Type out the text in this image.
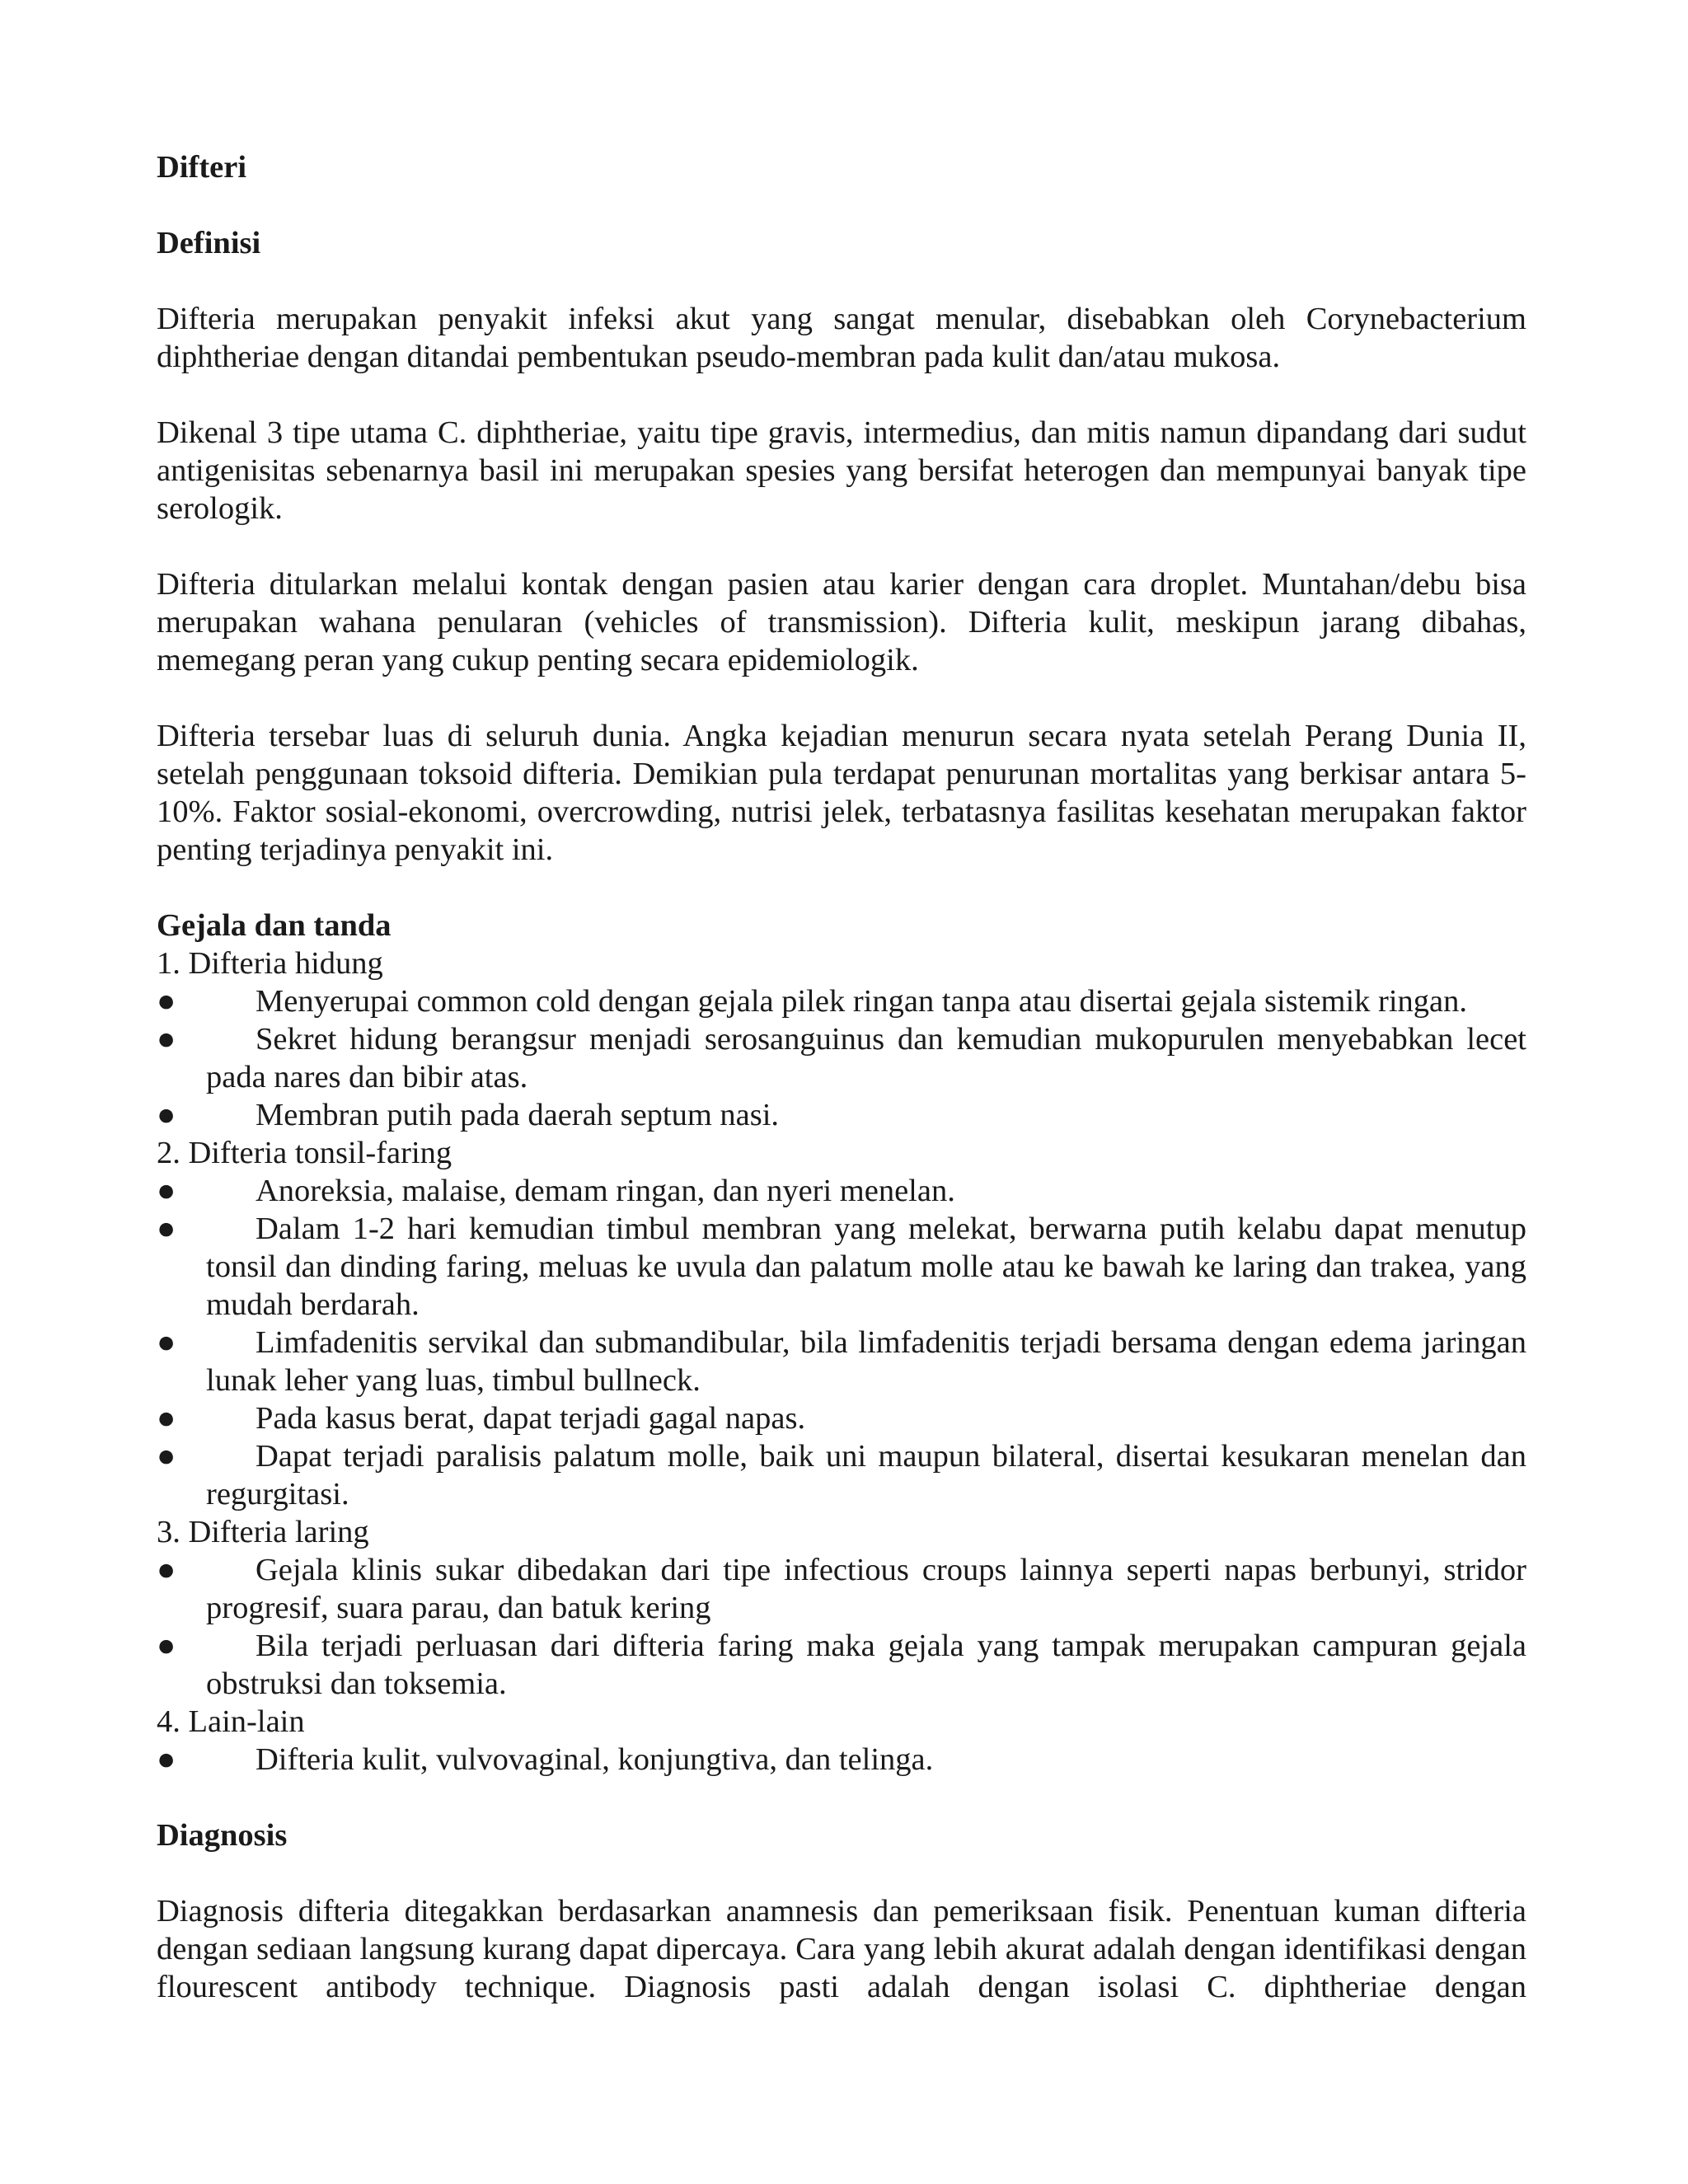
Difteri

Definisi

Difteria merupakan penyakit infeksi akut yang sangat menular, disebabkan oleh Corynebacterium diphtheriae dengan ditandai pembentukan pseudo-membran pada kulit dan/atau mukosa.

Dikenal 3 tipe utama C. diphtheriae, yaitu tipe gravis, intermedius, dan mitis namun dipandang dari sudut antigenisitas sebenarnya basil ini merupakan spesies yang bersifat heterogen dan mempunyai banyak tipe serologik.

Difteria ditularkan melalui kontak dengan pasien atau karier dengan cara droplet. Muntahan/debu bisa merupakan wahana penularan (vehicles of transmission). Difteria kulit, meskipun jarang dibahas, memegang peran yang cukup penting secara epidemiologik.

Difteria tersebar luas di seluruh dunia. Angka kejadian menurun secara nyata setelah Perang Dunia II, setelah penggunaan toksoid difteria. Demikian pula terdapat penurunan mortalitas yang berkisar antara 5-10%. Faktor sosial-ekonomi, overcrowding, nutrisi jelek, terbatasnya fasilitas kesehatan merupakan faktor penting terjadinya penyakit ini.

Gejala dan tanda

1. Difteria hidung

●	Menyerupai common cold dengan gejala pilek ringan tanpa atau disertai gejala sistemik ringan.
●	Sekret hidung berangsur menjadi serosanguinus dan kemudian mukopurulen menyebabkan lecet pada nares dan bibir atas.
●	Membran putih pada daerah septum nasi.

2. Difteria tonsil-faring

●	Anoreksia, malaise, demam ringan, dan nyeri menelan.
●	Dalam 1-2 hari kemudian timbul membran yang melekat, berwarna putih kelabu dapat menutup tonsil dan dinding faring, meluas ke uvula dan palatum molle atau ke bawah ke laring dan trakea, yang mudah berdarah.
●	Limfadenitis servikal dan submandibular, bila limfadenitis terjadi bersama dengan edema jaringan lunak leher yang luas, timbul bullneck.
●	Pada kasus berat, dapat terjadi gagal napas.
●	Dapat terjadi paralisis palatum molle, baik uni maupun bilateral, disertai kesukaran menelan dan regurgitasi.

3. Difteria laring

●	Gejala klinis sukar dibedakan dari tipe infectious croups lainnya seperti napas berbunyi, stridor progresif, suara parau, dan batuk kering
●	Bila terjadi perluasan dari difteria faring maka gejala yang tampak merupakan campuran gejala obstruksi dan toksemia.

4. Lain-lain

●	Difteria kulit, vulvovaginal, konjungtiva, dan telinga.

Diagnosis

Diagnosis difteria ditegakkan berdasarkan anamnesis dan pemeriksaan fisik. Penentuan kuman difteria dengan sediaan langsung kurang dapat dipercaya. Cara yang lebih akurat adalah dengan identifikasi dengan flourescent antibody technique. Diagnosis pasti adalah dengan isolasi C. diphtheriae dengan
